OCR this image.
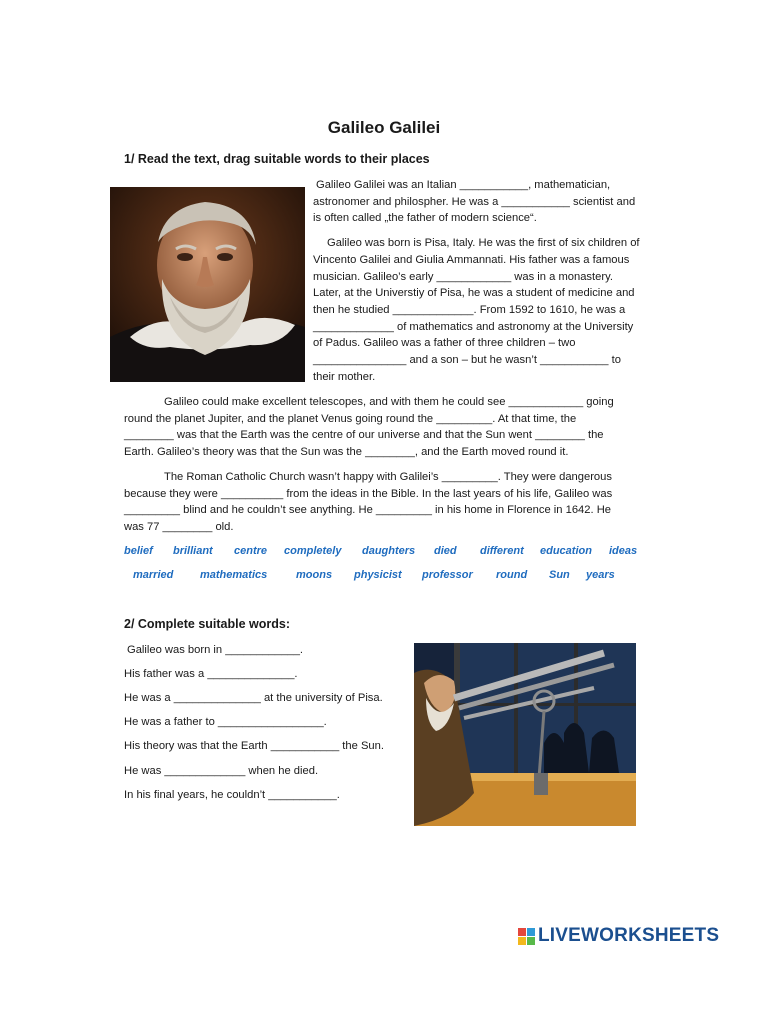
Galileo Galilei
1/ Read the text, drag suitable words to their places

Galileo Galilei was an Italian ___________, mathematician, astronomer and philospher. He was a ___________ scientist and is often called „the father of modern science“.

Galileo was born is Pisa, Italy. He was the first of six children of Vincento Galilei and Giulia Ammannati. His father was a famous musician. Galileo’s early ____________ was in a monastery. Later, at the Universtiy of Pisa, he was a student of medicine and then he studied _____________. From 1592 to 1610, he was a _____________ of mathematics and astronomy at the University of Padus. Galileo was a father of three children – two _______________ and a son – but he wasn’t ___________ to their mother.

Galileo could make excellent telescopes, and with them he could see ____________ going round the planet Jupiter, and the planet Venus going round the _________. At that time, the ________ was that the Earth was the centre of our universe and that the Sun went ________ the Earth. Galileo’s theory was that the Sun was the ________, and the Earth moved round it.

The Roman Catholic Church wasn’t happy with Galilei’s _________. They were dangerous because they were __________ from the ideas in the Bible. In the last years of his life, Galileo was _________ blind and he couldn’t see anything. He _________ in his home in Florence in 1642. He was 77 ________ old.

belief brilliant centre completely daughters died different education ideas
married mathematics	moons physicist professor round Sun years
2/ Complete suitable words:
Galileo was born in ____________.
His father was a ______________.
He was a ______________ at the university of Pisa.
He was a father to _________________.
His theory was that the Earth ___________ the Sun.
He was _____________ when he died.
In his final years, he couldn’t ___________.
LIVEWORKSHEETS
